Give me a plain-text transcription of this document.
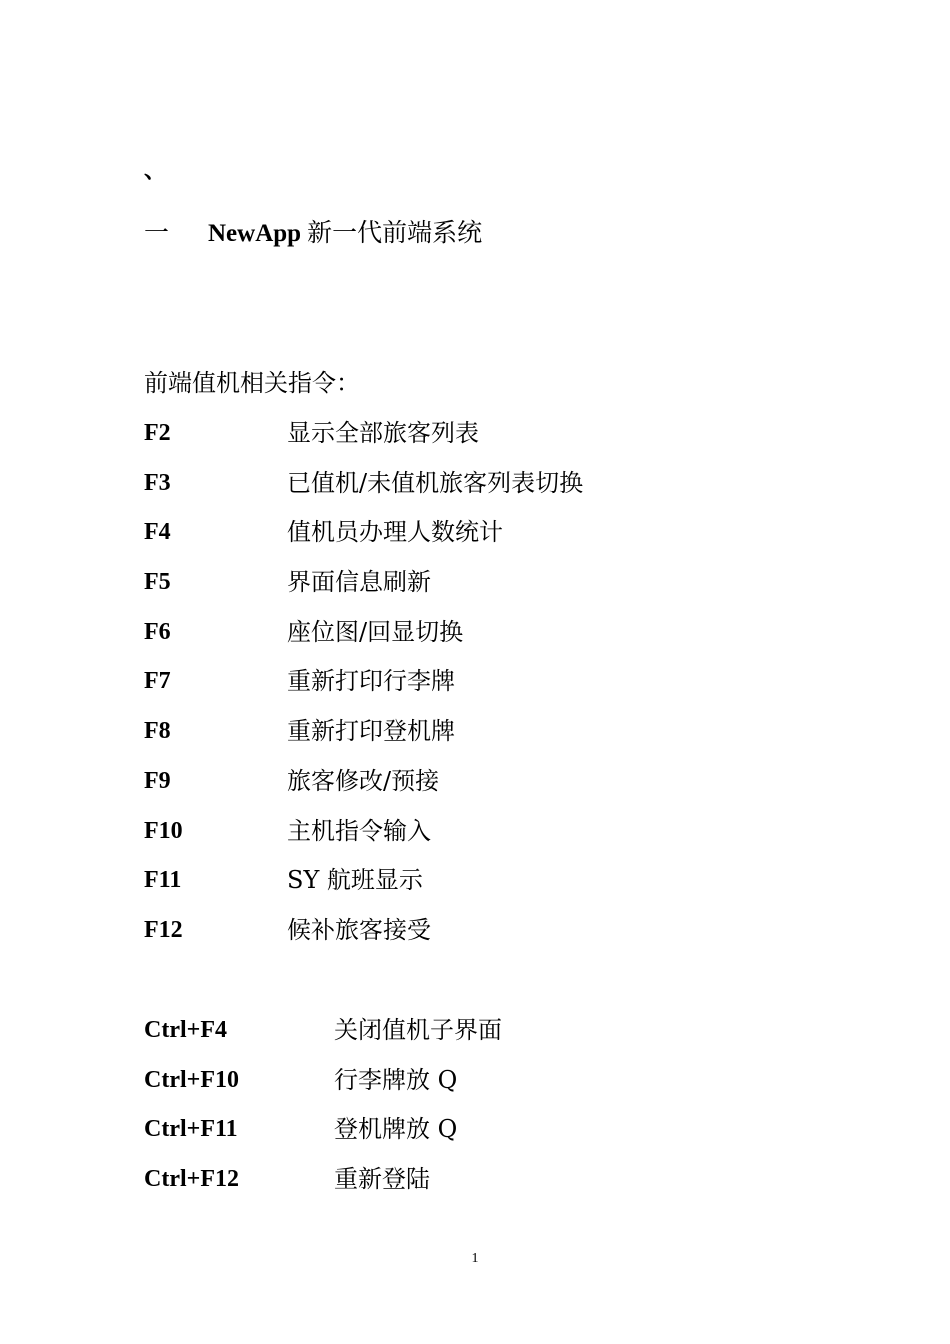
、
一 NewApp 新一代前端系统
前端值机相关指令：
F2	显示全部旅客列表
F3	已值机/未值机旅客列表切换
F4	值机员办理人数统计
F5	界面信息刷新
F6	座位图/回显切换
F7	重新打印行李牌
F8	重新打印登机牌
F9	旅客修改/预接
F10	主机指令输入
F11	SY 航班显示
F12	候补旅客接受
Ctrl+F4	关闭值机子界面
Ctrl+F10	行李牌放 Q
Ctrl+F11	登机牌放 Q
Ctrl+F12	重新登陆
1
